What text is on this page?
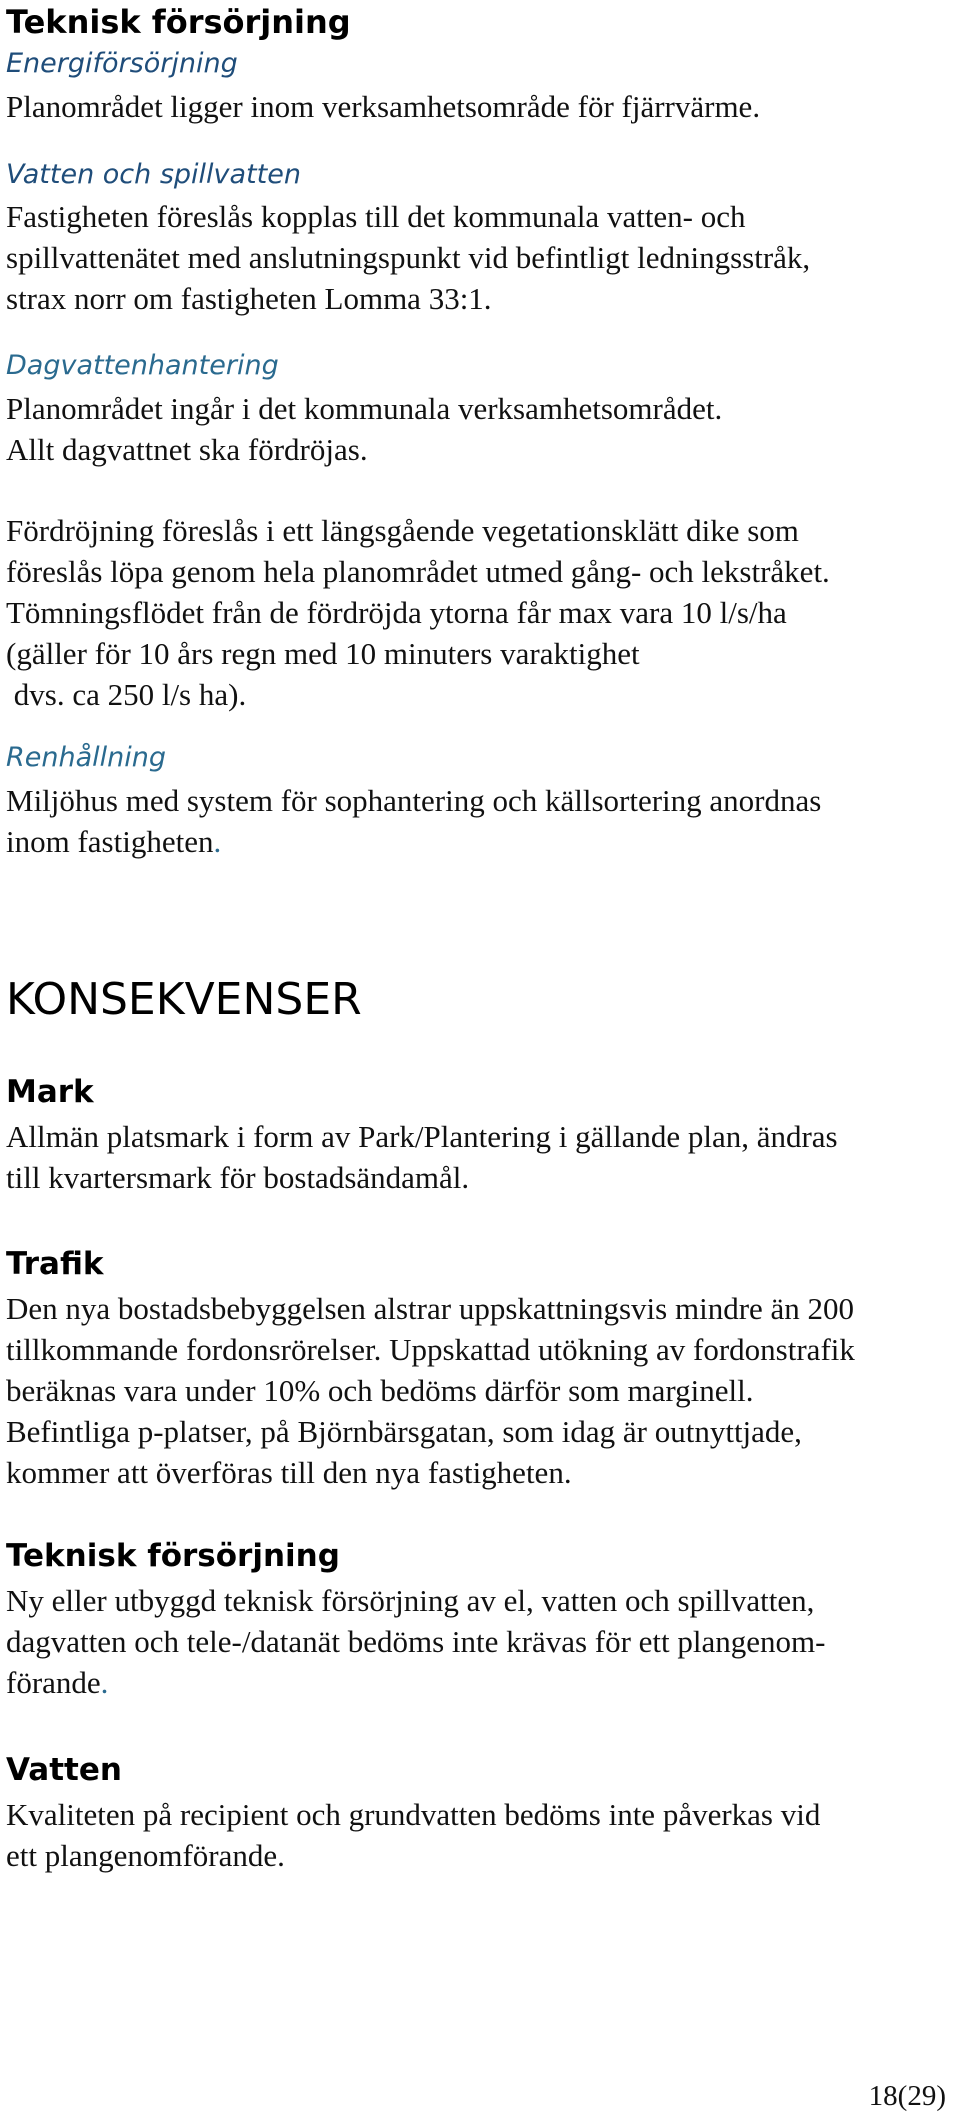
Teknisk försörjning

Energiförsörjning

Planområdet ligger inom verksamhetsområde för fjärrvärme.

Vatten och spillvatten

Fastigheten föreslås kopplas till det kommunala vatten- och

spillvattenätet med anslutningspunkt vid befintligt ledningsstråk,

strax norr om fastigheten Lomma 33:1.

Dagvattenhantering

Planområdet ingår i det kommunala verksamhetsområdet.

Allt dagvattnet ska fördröjas.

Fördröjning föreslås i ett längsgående vegetationsklätt dike som

föreslås löpa genom hela planområdet utmed gång- och lekstråket.

Tömningsflödet från de fördröjda ytorna får max vara 10 l/s/ha

(gäller för 10 års regn med 10 minuters varaktighet

dvs. ca 250 l/s ha).

Renhållning

Miljöhus med system för sophantering och källsortering anordnas

inom fastigheten.

KONSEKVENSER
Mark

Allmän platsmark i form av Park/Plantering i gällande plan, ändras

till kvartersmark för bostadsändamål.

Trafik

Den nya bostadsbebyggelsen alstrar uppskattningsvis mindre än 200

tillkommande fordonsrörelser. Uppskattad utökning av fordonstrafik

beräknas vara under 10% och bedöms därför som marginell.

Befintliga p-platser, på Björnbärsgatan, som idag är outnyttjade,

kommer att överföras till den nya fastigheten.

Teknisk försörjning

Ny eller utbyggd teknisk försörjning av el, vatten och spillvatten,

dagvatten och tele-/datanät bedöms inte krävas för ett plangenom-

förande.

Vatten

Kvaliteten på recipient och grundvatten bedöms inte påverkas vid

ett plangenomförande.

18(29)
